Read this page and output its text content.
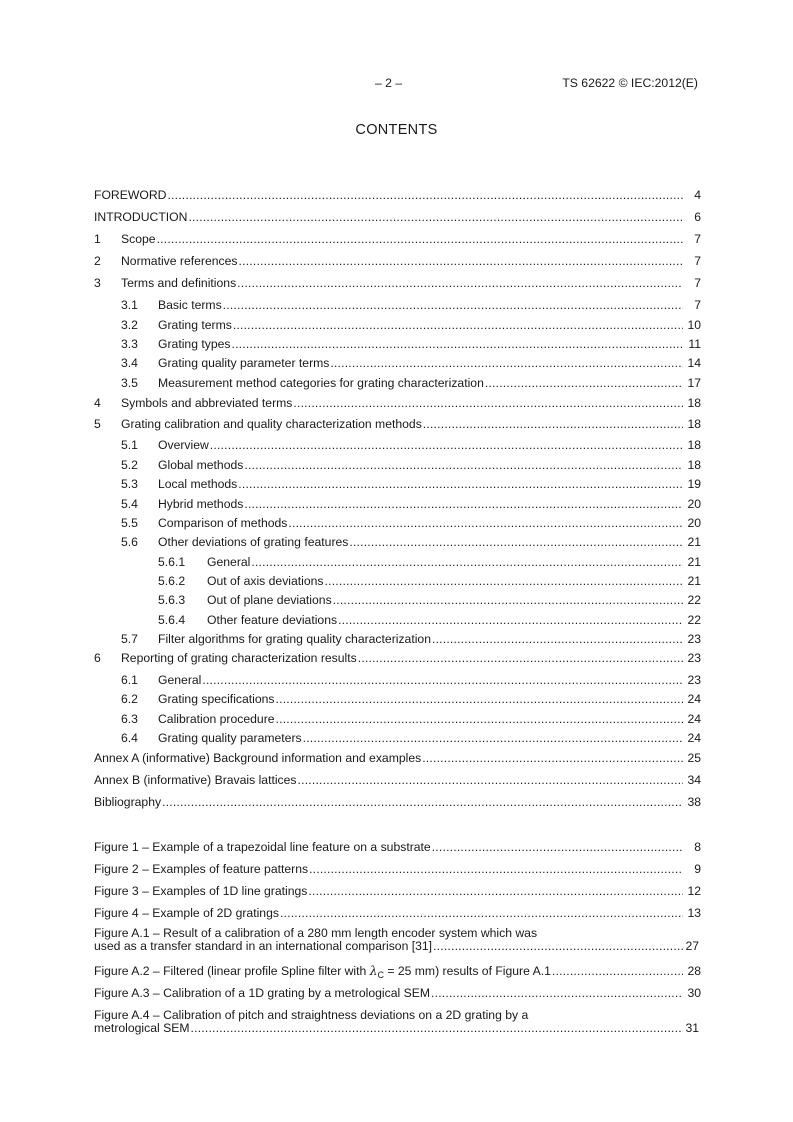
– 2 –	TS 62622 © IEC:2012(E)
CONTENTS
FOREWORD .....	4
INTRODUCTION .....	6
1 Scope .....	7
2 Normative references .....	7
3 Terms and definitions .....	7
3.1 Basic terms .....	7
3.2 Grating terms .....	10
3.3 Grating types .....	11
3.4 Grating quality parameter terms .....	14
3.5 Measurement method categories for grating characterization .....	17
4 Symbols and abbreviated terms .....	18
5 Grating calibration and quality characterization methods .....	18
5.1 Overview .....	18
5.2 Global methods .....	18
5.3 Local methods .....	19
5.4 Hybrid methods .....	20
5.5 Comparison of methods .....	20
5.6 Other deviations of grating features .....	21
5.6.1 General .....	21
5.6.2 Out of axis deviations .....	21
5.6.3 Out of plane deviations .....	22
5.6.4 Other feature deviations .....	22
5.7 Filter algorithms for grating quality characterization .....	23
6 Reporting of grating characterization results .....	23
6.1 General .....	23
6.2 Grating specifications .....	24
6.3 Calibration procedure .....	24
6.4 Grating quality parameters .....	24
Annex A (informative) Background information and examples .....	25
Annex B (informative) Bravais lattices .....	34
Bibliography .....	38
Figure 1 – Example of a trapezoidal line feature on a substrate .....	8
Figure 2 – Examples of feature patterns .....	9
Figure 3 – Examples of 1D line gratings .....	12
Figure 4 – Example of 2D gratings .....	13
Figure A.1 – Result of a calibration of a 280 mm length encoder system which was
used as a transfer standard in an international comparison [31] .....	27
Figure A.2 – Filtered (linear profile Spline filter with $\lambda_C = 25$ mm) results of Figure A.1 .....	28
Figure A.3 – Calibration of a 1D grating by a metrological SEM .....	30
Figure A.4 – Calibration of pitch and straightness deviations on a 2D grating by a
metrological SEM .....	31
